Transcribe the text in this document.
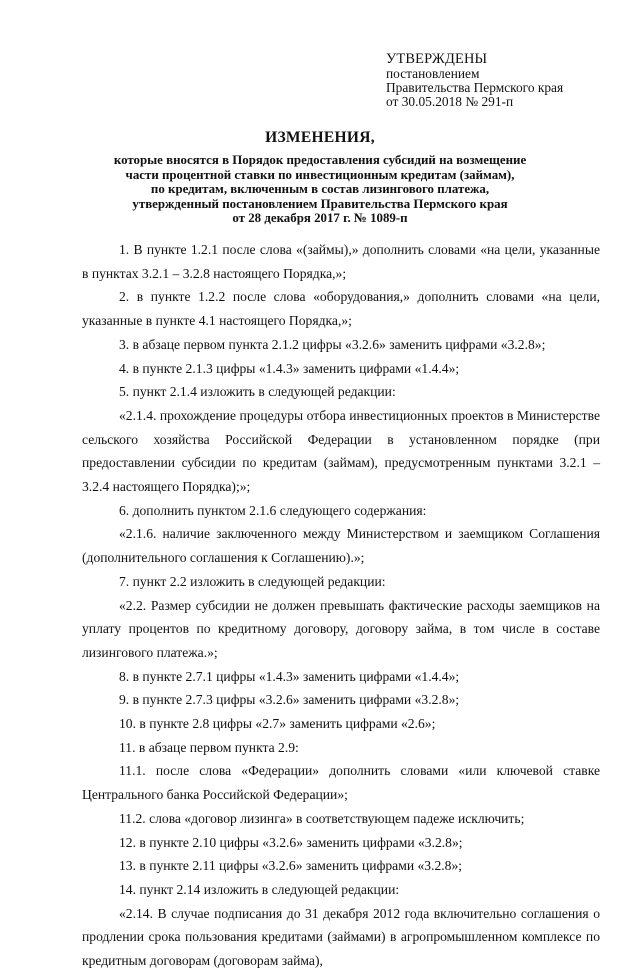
УТВЕРЖДЕНЫ
постановлением
Правительства Пермского края
от 30.05.2018 № 291-п
ИЗМЕНЕНИЯ,
которые вносятся в Порядок предоставления субсидий на возмещение
части процентной ставки по инвестиционным кредитам (займам),
по кредитам, включенным в состав лизингового платежа,
утвержденный постановлением Правительства Пермского края
от 28 декабря 2017 г. № 1089-п

1. В пункте 1.2.1 после слова «(займы),» дополнить словами «на цели, указанные в пунктах 3.2.1 – 3.2.8 настоящего Порядка,»;

2. в пункте 1.2.2 после слова «оборудования,» дополнить словами «на цели, указанные в пункте 4.1 настоящего Порядка,»;

3. в абзаце первом пункта 2.1.2 цифры «3.2.6» заменить цифрами «3.2.8»;

4. в пункте 2.1.3 цифры «1.4.3» заменить цифрами «1.4.4»;

5. пункт 2.1.4 изложить в следующей редакции:

«2.1.4. прохождение процедуры отбора инвестиционных проектов в Министерстве сельского хозяйства Российской Федерации в установленном порядке (при предоставлении субсидии по кредитам (займам), предусмотренным пунктами 3.2.1 – 3.2.4 настоящего Порядка);»;

6. дополнить пунктом 2.1.6 следующего содержания:

«2.1.6. наличие заключенного между Министерством и заемщиком Соглашения (дополнительного соглашения к Соглашению).»;

7. пункт 2.2 изложить в следующей редакции:

«2.2. Размер субсидии не должен превышать фактические расходы заемщиков на уплату процентов по кредитному договору, договору займа, в том числе в составе лизингового платежа.»;

8. в пункте 2.7.1 цифры «1.4.3» заменить цифрами «1.4.4»;

9. в пункте 2.7.3 цифры «3.2.6» заменить цифрами «3.2.8»;

10. в пункте 2.8 цифры «2.7» заменить цифрами «2.6»;

11. в абзаце первом пункта 2.9:

11.1. после слова «Федерации» дополнить словами «или ключевой ставке Центрального банка Российской Федерации»;

11.2. слова «договор лизинга» в соответствующем падеже исключить;

12. в пункте 2.10 цифры «3.2.6» заменить цифрами «3.2.8»;

13. в пункте 2.11 цифры «3.2.6» заменить цифрами «3.2.8»;

14. пункт 2.14 изложить в следующей редакции:

«2.14. В случае подписания до 31 декабря 2012 года включительно соглашения о продлении срока пользования кредитами (займами) в агропромышленном комплексе по кредитным договорам (договорам займа),
